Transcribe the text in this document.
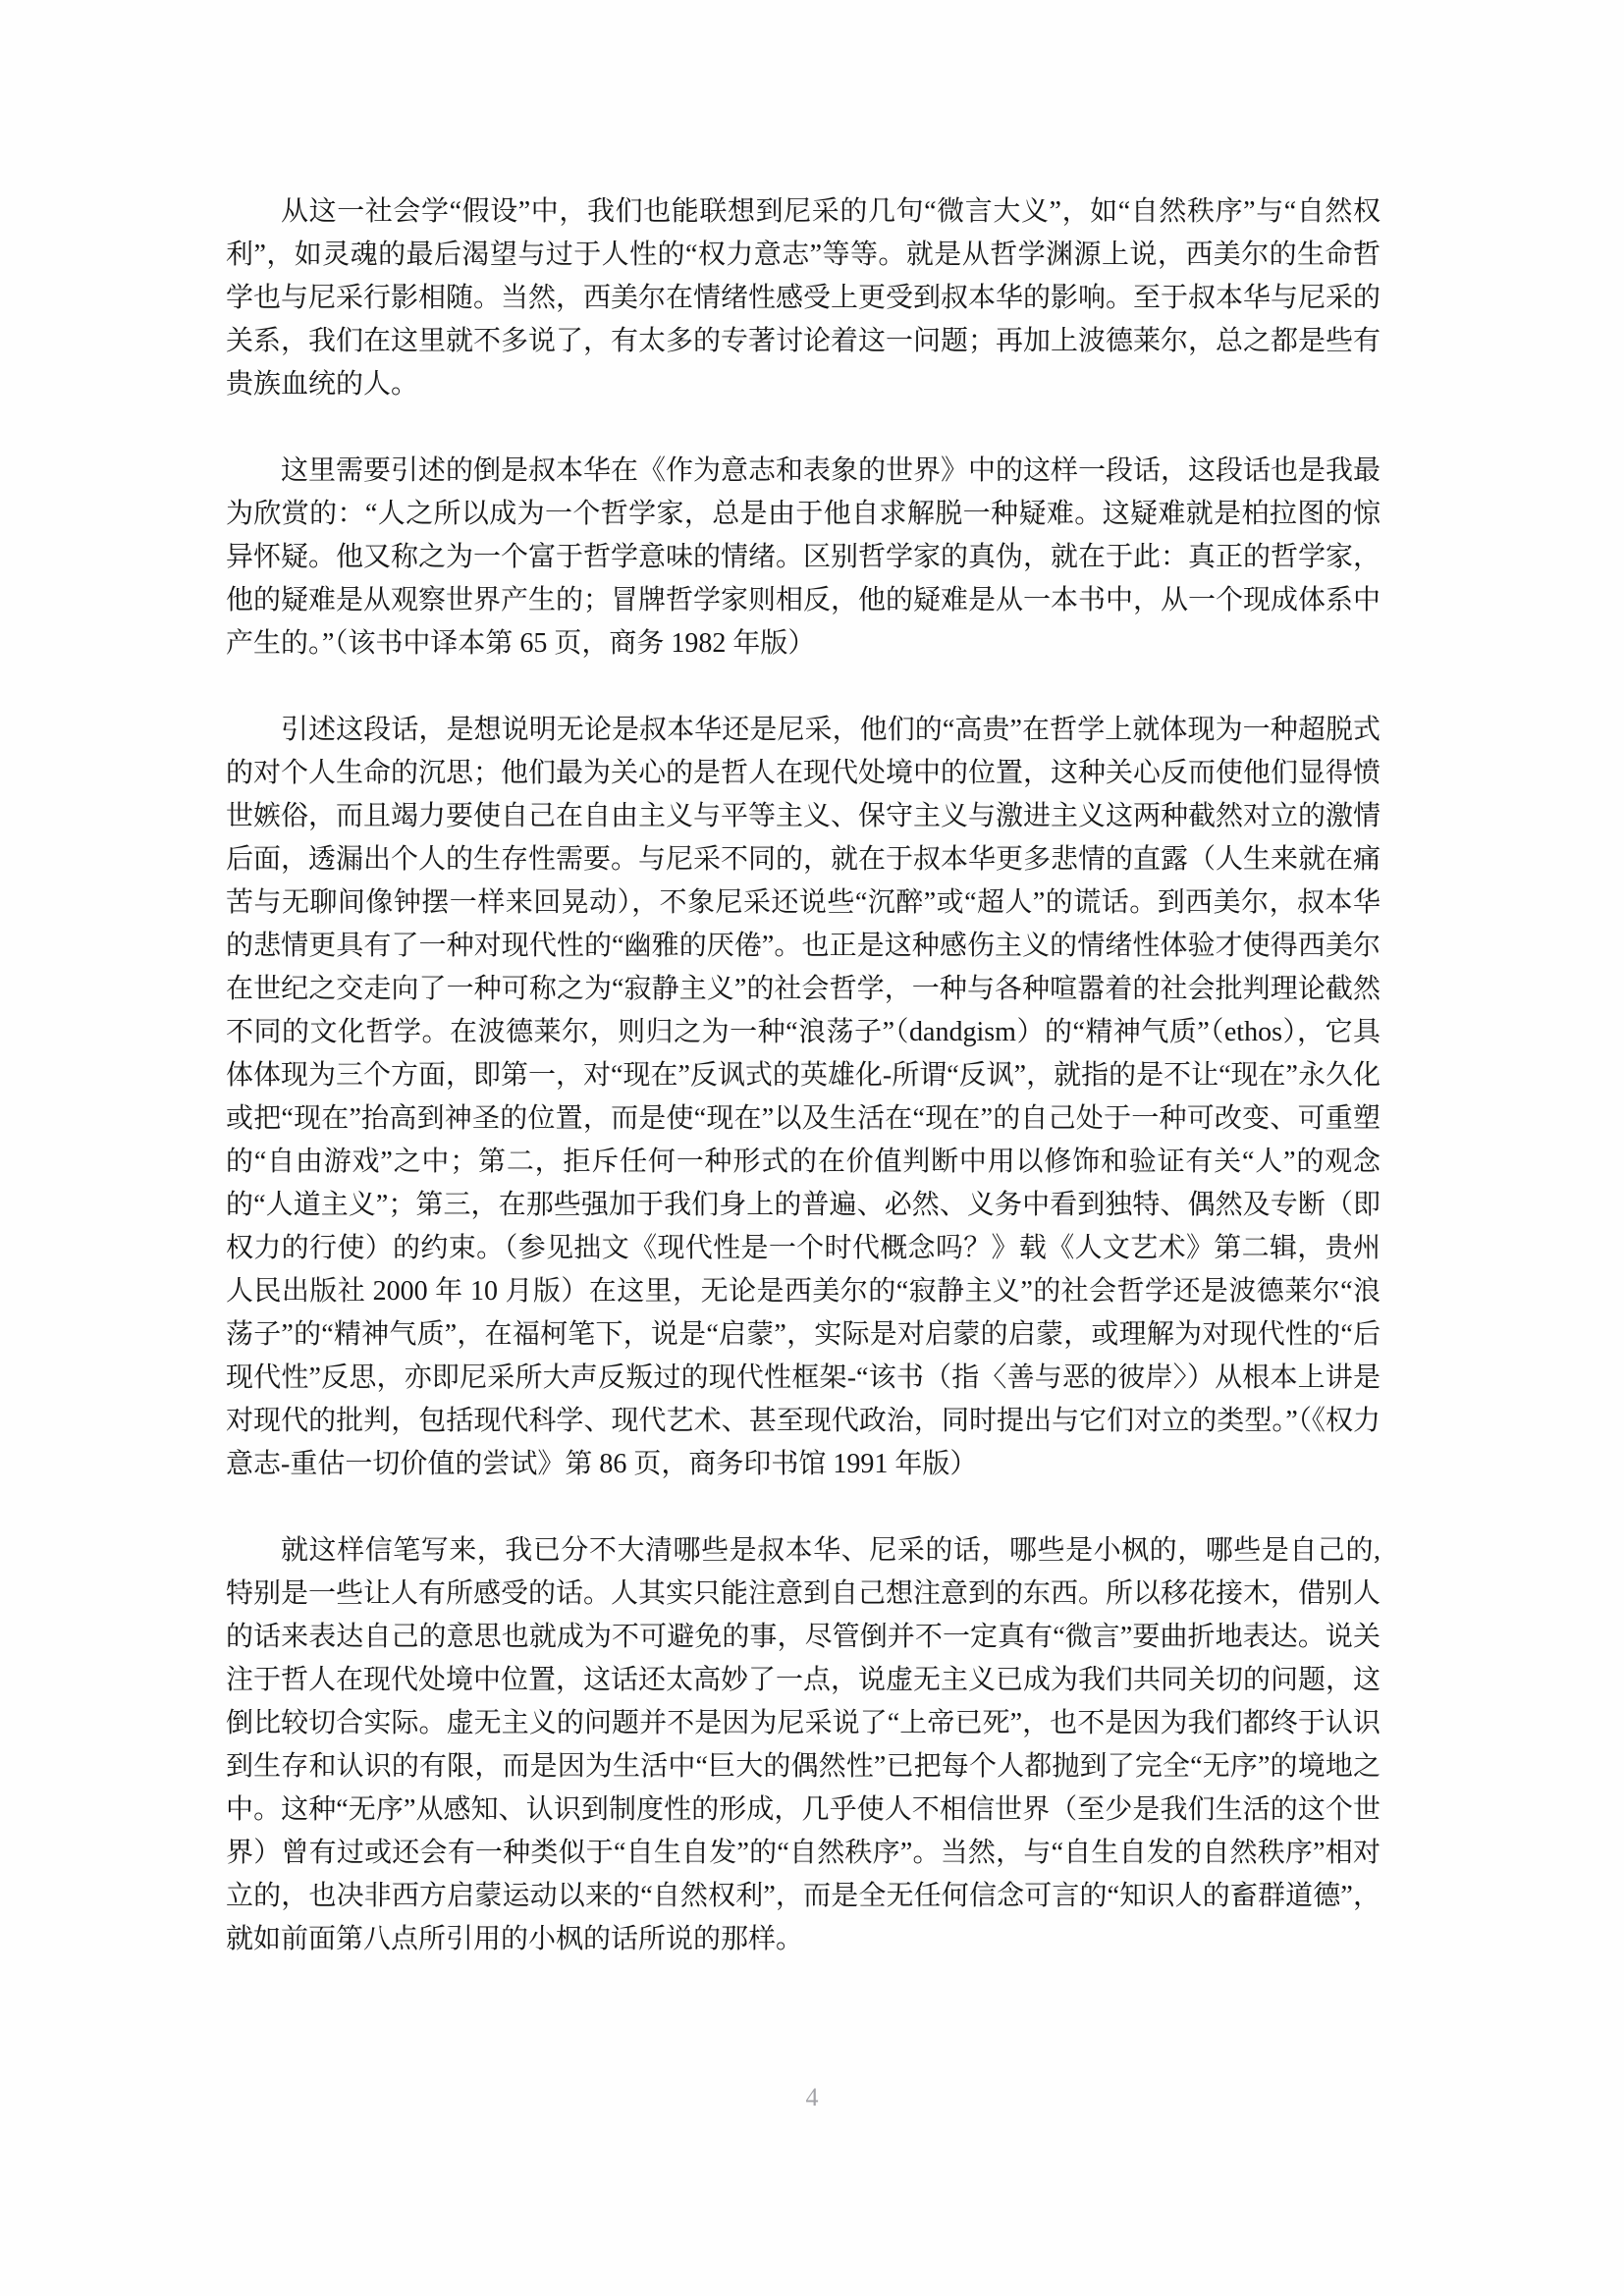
从这一社会学“假设”中，我们也能联想到尼采的几句“微言大义”，如“自然秩序”与“自然权利”，如灵魂的最后渴望与过于人性的“权力意志”等等。就是从哲学渊源上说，西美尔的生命哲学也与尼采行影相随。当然，西美尔在情绪性感受上更受到叔本华的影响。至于叔本华与尼采的关系，我们在这里就不多说了，有太多的专著讨论着这一问题；再加上波德莱尔，总之都是些有贵族血统的人。

这里需要引述的倒是叔本华在《作为意志和表象的世界》中的这样一段话，这段话也是我最为欣赏的：“人之所以成为一个哲学家，总是由于他自求解脱一种疑难。这疑难就是柏拉图的惊异怀疑。他又称之为一个富于哲学意味的情绪。区别哲学家的真伪，就在于此：真正的哲学家，他的疑难是从观察世界产生的；冒牌哲学家则相反，他的疑难是从一本书中，从一个现成体系中产生的。”（该书中译本第 65 页，商务 1982 年版）

引述这段话，是想说明无论是叔本华还是尼采，他们的“高贵”在哲学上就体现为一种超脱式的对个人生命的沉思；他们最为关心的是哲人在现代处境中的位置，这种关心反而使他们显得愤世嫉俗，而且竭力要使自己在自由主义与平等主义、保守主义与激进主义这两种截然对立的激情后面，透漏出个人的生存性需要。与尼采不同的，就在于叔本华更多悲情的直露（人生来就在痛苦与无聊间像钟摆一样来回晃动），不象尼采还说些“沉醉”或“超人”的谎话。到西美尔，叔本华的悲情更具有了一种对现代性的“幽雅的厌倦”。也正是这种感伤主义的情绪性体验才使得西美尔在世纪之交走向了一种可称之为“寂静主义”的社会哲学，一种与各种喧嚣着的社会批判理论截然不同的文化哲学。在波德莱尔，则归之为一种“浪荡子”（dandgism）的“精神气质”（ethos），它具体体现为三个方面，即第一，对“现在”反讽式的英雄化-所谓“反讽”，就指的是不让“现在”永久化或把“现在”抬高到神圣的位置，而是使“现在”以及生活在“现在”的自己处于一种可改变、可重塑的“自由游戏”之中；第二，拒斥任何一种形式的在价值判断中用以修饰和验证有关“人”的观念的“人道主义”；第三，在那些强加于我们身上的普遍、必然、义务中看到独特、偶然及专断（即权力的行使）的约束。（参见拙文《现代性是一个时代概念吗？》载《人文艺术》第二辑，贵州人民出版社 2000 年 10 月版）在这里，无论是西美尔的“寂静主义”的社会哲学还是波德莱尔“浪荡子”的“精神气质”，在福柯笔下，说是“启蒙”，实际是对启蒙的启蒙，或理解为对现代性的“后现代性”反思，亦即尼采所大声反叛过的现代性框架-“该书（指〈善与恶的彼岸〉）从根本上讲是对现代的批判，包括现代科学、现代艺术、甚至现代政治，同时提出与它们对立的类型。”（《权力意志-重估一切价值的尝试》第 86 页，商务印书馆 1991 年版）

就这样信笔写来，我已分不大清哪些是叔本华、尼采的话，哪些是小枫的，哪些是自己的,特别是一些让人有所感受的话。人其实只能注意到自己想注意到的东西。所以移花接木，借别人的话来表达自己的意思也就成为不可避免的事，尽管倒并不一定真有“微言”要曲折地表达。说关注于哲人在现代处境中位置，这话还太高妙了一点，说虚无主义已成为我们共同关切的问题，这倒比较切合实际。虚无主义的问题并不是因为尼采说了“上帝已死”，也不是因为我们都终于认识到生存和认识的有限，而是因为生活中“巨大的偶然性”已把每个人都抛到了完全“无序”的境地之中。这种“无序”从感知、认识到制度性的形成，几乎使人不相信世界（至少是我们生活的这个世界）曾有过或还会有一种类似于“自生自发”的“自然秩序”。当然，与“自生自发的自然秩序”相对立的，也决非西方启蒙运动以来的“自然权利”，而是全无任何信念可言的“知识人的畜群道德”，就如前面第八点所引用的小枫的话所说的那样。

4
